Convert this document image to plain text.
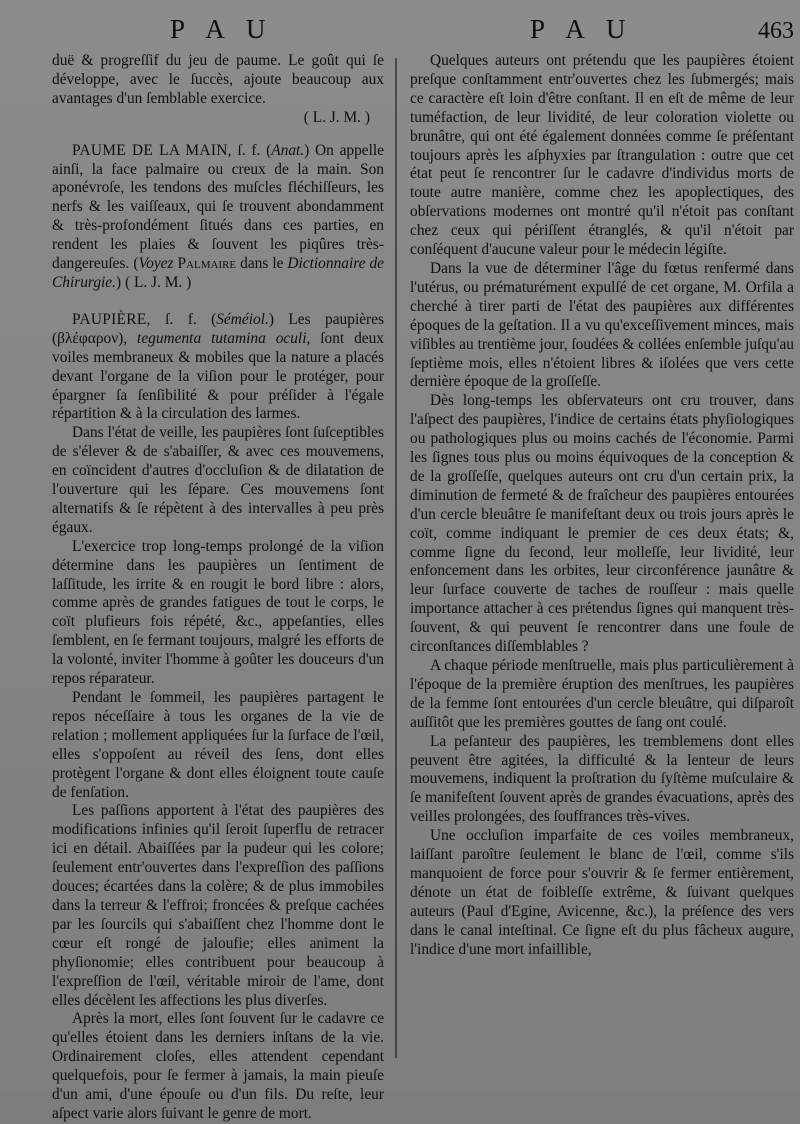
P A U	P A U	463

duë & progreſſif du jeu de paume. Le goût qui ſe développe, avec le ſuccès, ajoute beaucoup aux avantages d'un ſemblable exercice.

( L. J. M. )

PAUME DE LA MAIN, ſ. f. (Anat.) On appelle ainſi, la face palmaire ou creux de la main. Son aponévroſe, les tendons des muſcles fléchiſſeurs, les nerfs & les vaiſſeaux, qui ſe trouvent abondamment & très-profondément ſitués dans ces parties, en rendent les plaies & ſouvent les piqûres très-dangereuſes. (Voyez Palmaire dans le Dictionnaire de Chirurgie.) ( L. J. M. )

PAUPIÈRE, ſ. f. (Séméiol.) Les paupières (βλέφαρον), tegumenta tutamina oculi, ſont deux voiles membraneux & mobiles que la nature a placés devant l'organe de la viſion pour le protéger, pour épargner ſa ſenſibilité & pour préſider à l'égale répartition & à la circulation des larmes.

Dans l'état de veille, les paupières ſont ſuſceptibles de s'élever & de s'abaiſſer, & avec ces mouvemens, en coïncident d'autres d'occluſion & de dilatation de l'ouverture qui les ſépare. Ces mouvemens ſont alternatifs & ſe répètent à des intervalles à peu près égaux.

L'exercice trop long-temps prolongé de la viſion détermine dans les paupières un ſentiment de laſſitude, les irrite & en rougit le bord libre : alors, comme après de grandes fatigues de tout le corps, le coït plufieurs fois répété, &c., appeſanties, elles ſemblent, en ſe fermant toujours, malgré les efforts de la volonté, inviter l'homme à goûter les douceurs d'un repos réparateur.

Pendant le ſommeil, les paupières partagent le repos néceſſaire à tous les organes de la vie de relation ; mollement appliquées ſur la ſurface de l'œil, elles s'oppoſent au réveil des ſens, dont elles protègent l'organe & dont elles éloignent toute cauſe de fenſation.

Les paſſions apportent à l'état des paupières des modifications infinies qu'il ſeroit ſuperflu de retracer ici en détail. Abaiſſées par la pudeur qui les colore; ſeulement entr'ouvertes dans l'expreſſion des paſſions douces; écartées dans la colère; & de plus immobiles dans la terreur & l'effroi; froncées & preſque cachées par les ſourcils qui s'abaiſſent chez l'homme dont le cœur eſt rongé de jaloufie; elles animent la phyſionomie; elles contribuent pour beaucoup à l'expreſſion de l'œil, véritable miroir de l'ame, dont elles décèlent les affections les plus diverſes.

Après la mort, elles ſont ſouvent ſur le cadavre ce qu'elles étoient dans les derniers inſtans de la vie. Ordinairement cloſes, elles attendent cependant quelquefois, pour ſe fermer à jamais, la main pieuſe d'un ami, d'une épouſe ou d'un fils. Du reſte, leur aſpect varie alors ſuivant le genre de mort.

Quelques auteurs ont prétendu que les paupières étoient preſque conſtamment entr'ouvertes chez les ſubmergés; mais ce caractère eſt loin d'être conſtant. Il en eſt de même de leur tuméfaction, de leur lividité, de leur coloration violette ou brunâtre, qui ont été également données comme ſe préſentant toujours après les aſphyxies par ſtrangulation : outre que cet état peut ſe rencontrer ſur le cadavre d'individus morts de toute autre manière, comme chez les apoplectiques, des obſervations modernes ont montré qu'il n'étoit pas conſtant chez ceux qui périſſent étranglés, & qu'il n'étoit par conſéquent d'aucune valeur pour le médecin légiſte.

Dans la vue de déterminer l'âge du fœtus renfermé dans l'utérus, ou prématurément expulſé de cet organe, M. Orfila a cherché à tirer parti de l'état des paupières aux différentes époques de la geſtation. Il a vu qu'exceſſivement minces, mais viſibles au trentième jour, ſoudées & collées enſemble juſqu'au ſeptième mois, elles n'étoient libres & iſolées que vers cette dernière époque de la groſſeſſe.

Dès long-temps les obſervateurs ont cru trouver, dans l'aſpect des paupières, l'indice de certains états phyſiologiques ou pathologiques plus ou moins cachés de l'économie. Parmi les ſignes tous plus ou moins équivoques de la conception & de la groſſeſſe, quelques auteurs ont cru d'un certain prix, la diminution de fermeté & de fraîcheur des paupières entourées d'un cercle bleuâtre ſe manifeſtant deux ou trois jours après le coït, comme indiquant le premier de ces deux états; &, comme ſigne du ſecond, leur molleſſe, leur lividité, leur enfoncement dans les orbites, leur circonférence jaunâtre & leur ſurface couverte de taches de rouſſeur : mais quelle importance attacher à ces prétendus ſignes qui manquent très-ſouvent, & qui peuvent ſe rencontrer dans une foule de circonſtances diſſemblables ?

A chaque période menſtruelle, mais plus particulièrement à l'époque de la première éruption des menſtrues, les paupières de la femme ſont entourées d'un cercle bleuâtre, qui diſparoît auſſitôt que les premières gouttes de ſang ont coulé.

La peſanteur des paupières, les tremblemens dont elles peuvent être agitées, la difficulté & la lenteur de leurs mouvemens, indiquent la proſtration du ſyſtème muſculaire & ſe manifeſtent ſouvent après de grandes évacuations, après des veilles prolongées, des ſouffrances très-vives.

Une occluſion imparfaite de ces voiles membraneux, laiſſant paroître ſeulement le blanc de l'œil, comme s'ils manquoient de force pour s'ouvrir & ſe fermer entièrement, dénote un état de foibleſſe extrême, & ſuivant quelques auteurs (Paul d'Egine, Avicenne, &c.), la préſence des vers dans le canal inteſtinal. Ce ſigne eſt du plus fâcheux augure, l'indice d'une mort infaillible,
